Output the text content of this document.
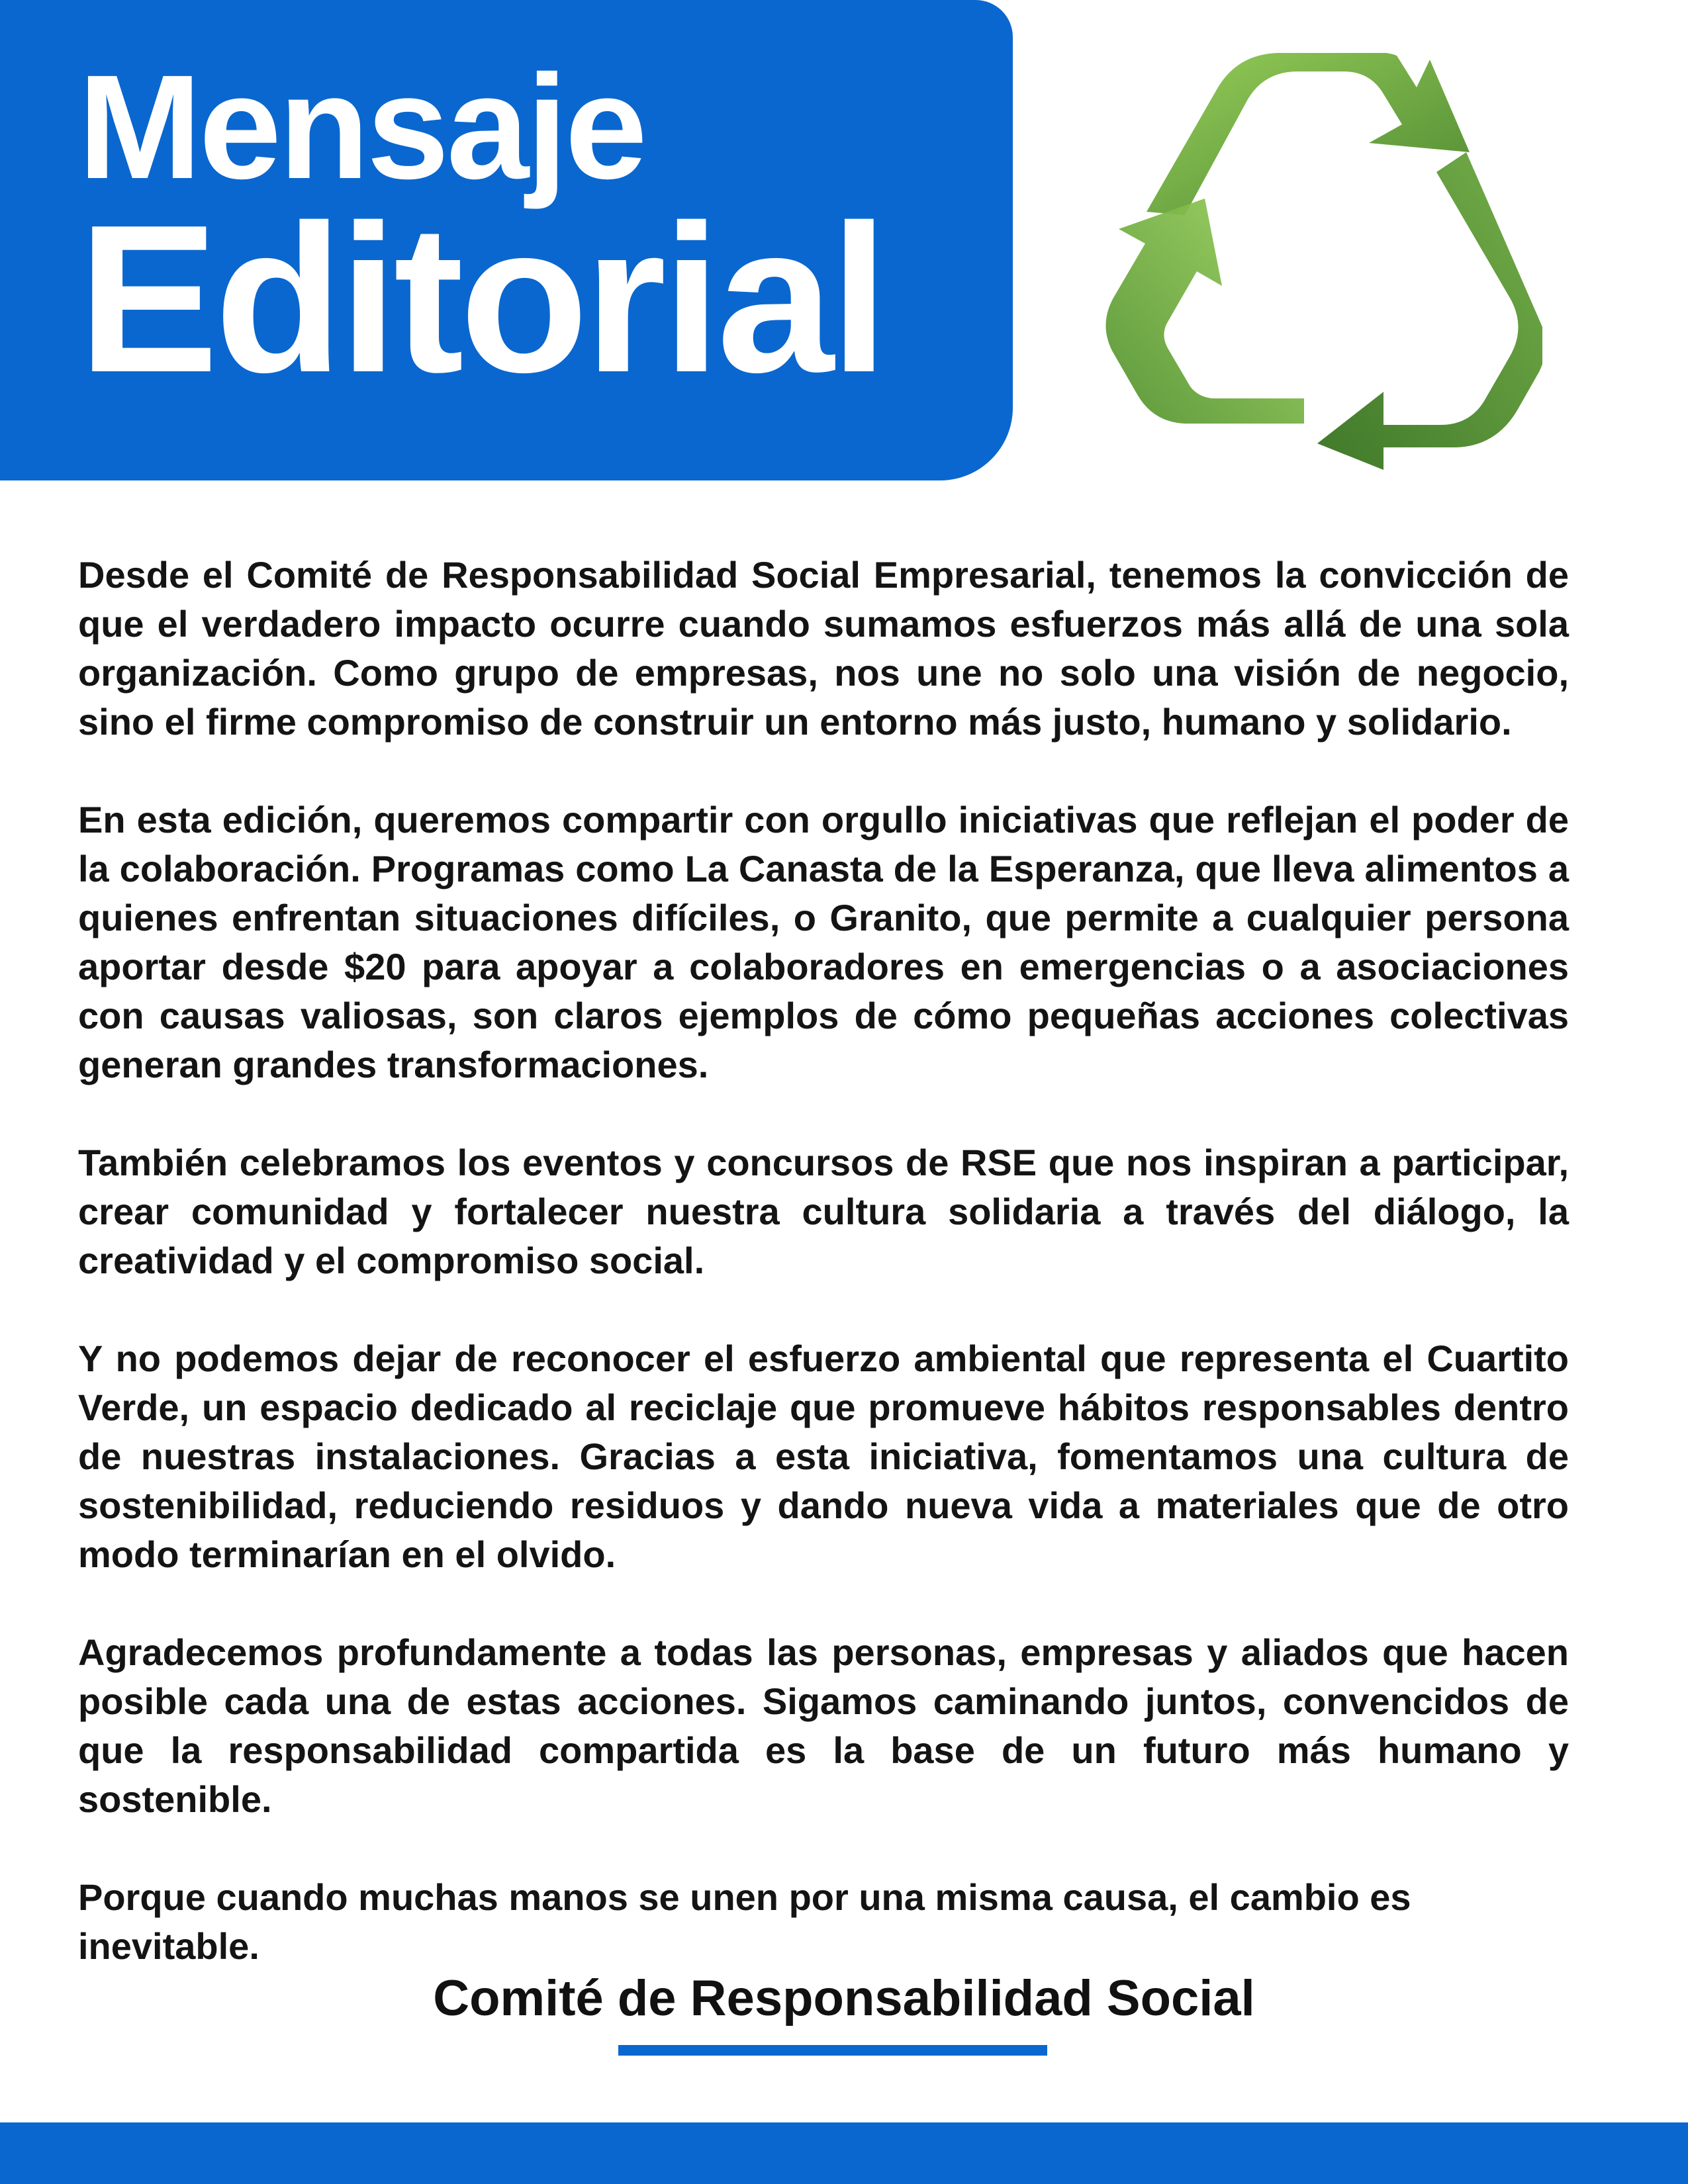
Mensaje
Editorial

Desde el Comité de Responsabilidad Social Empresarial, tenemos la convicción de que el verdadero impacto ocurre cuando sumamos esfuerzos más allá de una sola organización. Como grupo de empresas, nos une no solo una visión de negocio, sino el firme compromiso de construir un entorno más justo, humano y solidario.

En esta edición, queremos compartir con orgullo iniciativas que reflejan el poder de la colaboración. Programas como La Canasta de la Esperanza, que lleva alimentos a quienes enfrentan situaciones difíciles, o Granito, que permite a cualquier persona aportar desde $20 para apoyar a colaboradores en emergencias o a asociaciones con causas valiosas, son claros ejemplos de cómo pequeñas acciones colectivas generan grandes transformaciones.

También celebramos los eventos y concursos de RSE que nos inspiran a participar, crear comunidad y fortalecer nuestra cultura solidaria a través del diálogo, la creatividad y el compromiso social.

Y no podemos dejar de reconocer el esfuerzo ambiental que representa el Cuartito Verde, un espacio dedicado al reciclaje que promueve hábitos responsables dentro de nuestras instalaciones. Gracias a esta iniciativa, fomentamos una cultura de sostenibilidad, reduciendo residuos y dando nueva vida a materiales que de otro modo terminarían en el olvido.

Agradecemos profundamente a todas las personas, empresas y aliados que hacen posible cada una de estas acciones. Sigamos caminando juntos, convencidos de que la responsabilidad compartida es la base de un futuro más humano y sostenible.

Porque cuando muchas manos se unen por una misma causa, el cambio es inevitable.

Comité de Responsabilidad Social
